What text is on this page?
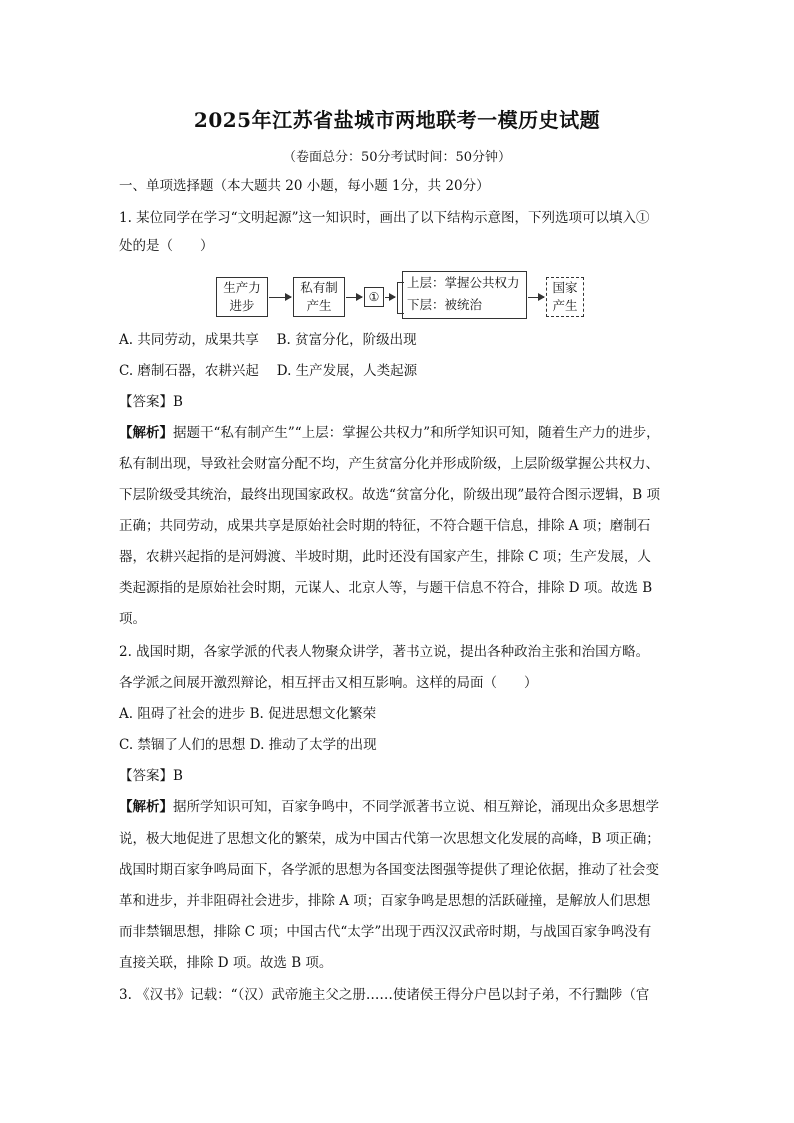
2025年江苏省盐城市两地联考一模历史试题
（卷面总分：50分考试时间：50分钟）
一、单项选择题（本大题共 20 小题，每小题 1分，共 20分）
1. 某位同学在学习“文明起源”这一知识时，画出了以下结构示意图，下列选项可以填入①
处的是（　　）
生产力
进步
私有制
产生
①
上层：掌握公共权力
下层：被统治
国家
产生
A. 共同劳动，成果共享　 B. 贫富分化，阶级出现
C. 磨制石器，农耕兴起　 D. 生产发展，人类起源
【答案】B
【解析】据题干“私有制产生”“上层：掌握公共权力”和所学知识可知，随着生产力的进步，
私有制出现，导致社会财富分配不均，产生贫富分化并形成阶级，上层阶级掌握公共权力、
下层阶级受其统治，最终出现国家政权。故选“贫富分化，阶级出现”最符合图示逻辑，B 项
正确；共同劳动，成果共享是原始社会时期的特征，不符合题干信息，排除 A 项；磨制石
器，农耕兴起指的是河姆渡、半坡时期，此时还没有国家产生，排除 C 项；生产发展，人
类起源指的是原始社会时期，元谋人、北京人等，与题干信息不符合，排除 D 项。故选 B
项。
2. 战国时期，各家学派的代表人物聚众讲学，著书立说，提出各种政治主张和治国方略。
各学派之间展开激烈辩论，相互抨击又相互影响。这样的局面（　　）
A. 阻碍了社会的进步 B. 促进思想文化繁荣
C. 禁锢了人们的思想 D. 推动了太学的出现
【答案】B
【解析】据所学知识可知，百家争鸣中，不同学派著书立说、相互辩论，涌现出众多思想学
说，极大地促进了思想文化的繁荣，成为中国古代第一次思想文化发展的高峰，B 项正确；
战国时期百家争鸣局面下，各学派的思想为各国变法图强等提供了理论依据，推动了社会变
革和进步，并非阻碍社会进步，排除 A 项；百家争鸣是思想的活跃碰撞，是解放人们思想
而非禁锢思想，排除 C 项；中国古代“太学”出现于西汉汉武帝时期，与战国百家争鸣没有
直接关联，排除 D 项。故选 B 项。
3. 《汉书》记载：“（汉）武帝施主父之册……使诸侯王得分户邑以封子弟，不行黜陟（官
